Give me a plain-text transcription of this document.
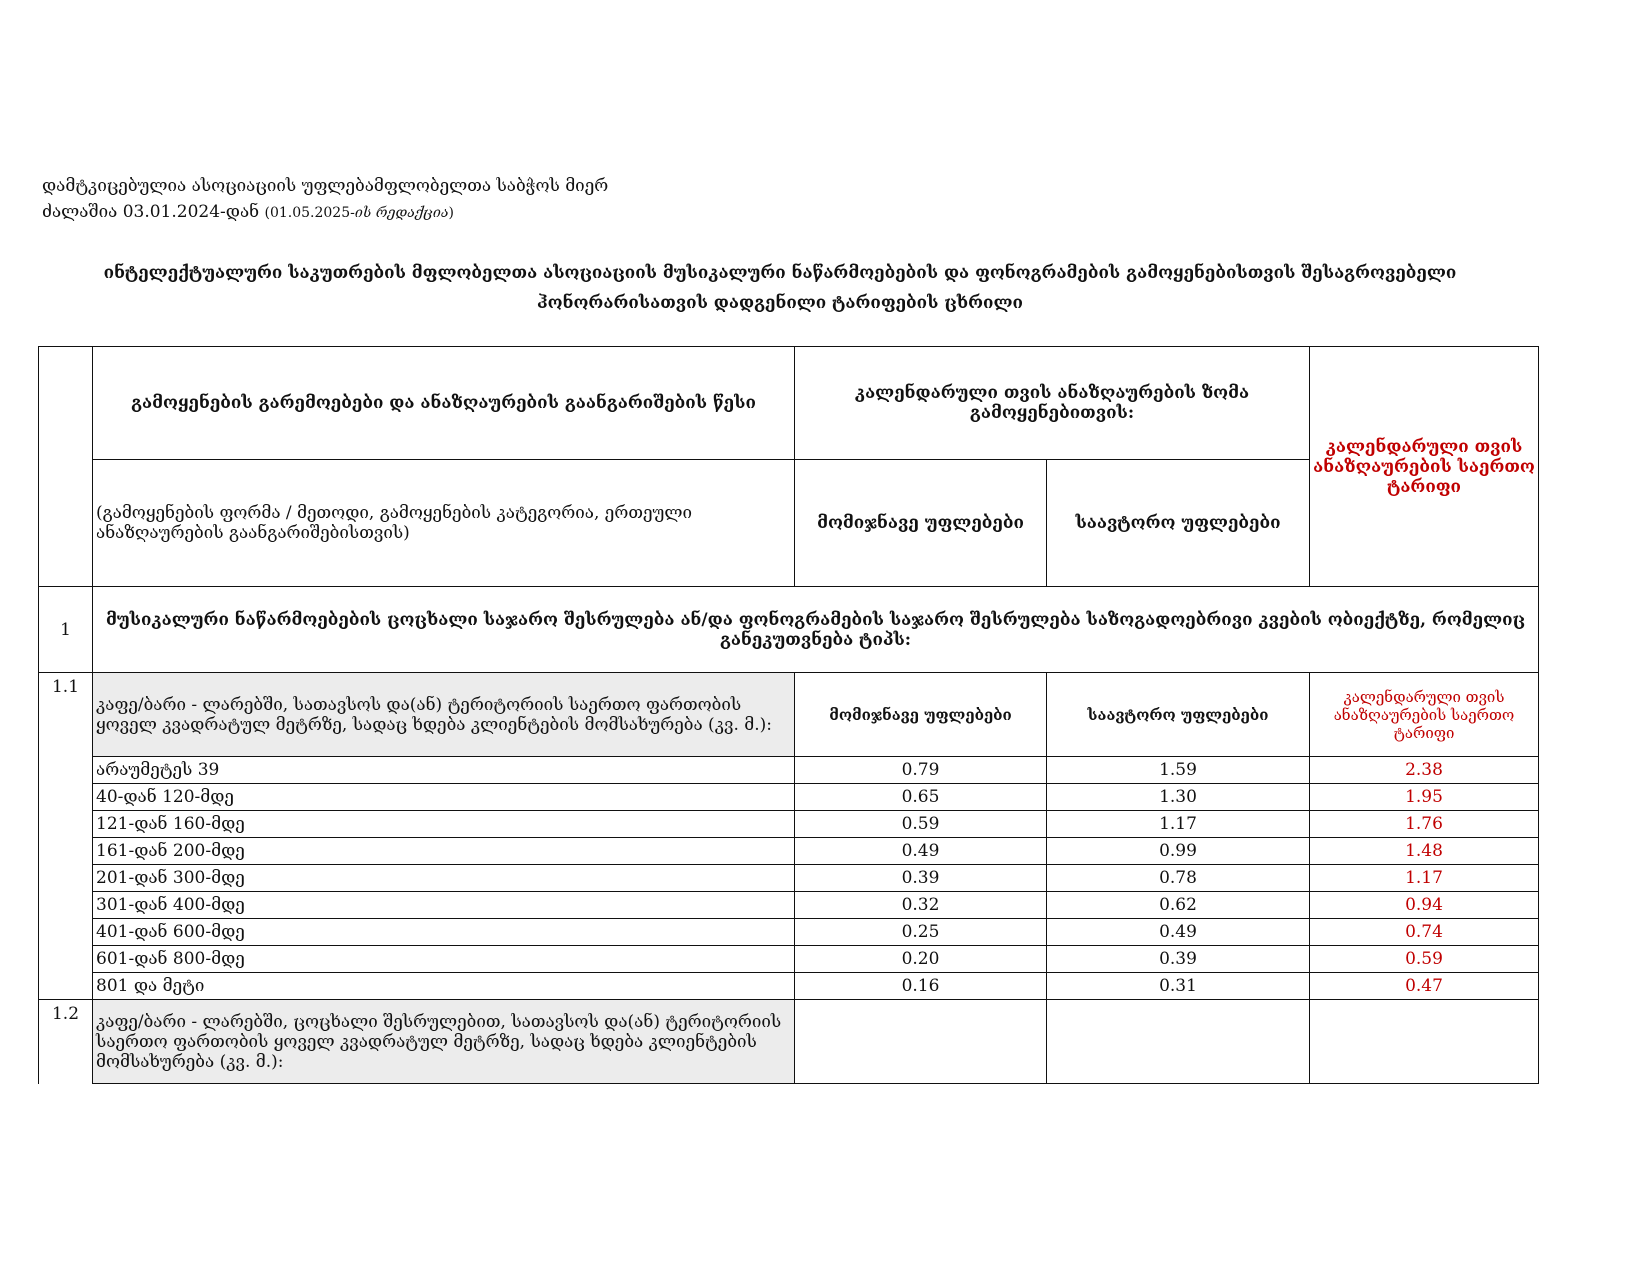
დამტკიცებულია ასოციაციის უფლებამფლობელთა საბჭოს მიერ
ძალაშია 03.01.2024-დან (01.05.2025-ის რედაქცია)
ინტელექტუალური საკუთრების მფლობელთა ასოციაციის მუსიკალური ნაწარმოებების და ფონოგრამების გამოყენებისთვის შესაგროვებელი
ჰონორარისათვის დადგენილი ტარიფების ცხრილი
	გამოყენების გარემოებები და ანაზღაურების გაანგარიშების წესი	კალენდარული თვის ანაზღაურების ზომა გამოყენებითვის:		კალენდარული თვის ანაზღაურების საერთო ტარიფი
	(გამოყენების ფორმა / მეთოდი, გამოყენების კატეგორია, ერთეული ანაზღაურების გაანგარიშებისთვის)	მომიჯნავე უფლებები	საავტორო უფლებები	
1	მუსიკალური ნაწარმოებების ცოცხალი საჯარო შესრულება ან/და ფონოგრამების საჯარო შესრულება საზოგადოებრივი კვების ობიექტზე, რომელიც განეკუთვნება ტიპს:			
1.1	კაფე/ბარი - ლარებში, სათავსოს და(ან) ტერიტორიის საერთო ფართობის ყოველ კვადრატულ მეტრზე, სადაც ხდება კლიენტების მომსახურება (კვ. მ.):	მომიჯნავე უფლებები	საავტორო უფლებები	კალენდარული თვის ანაზღაურების საერთო ტარიფი
	არაუმეტეს 39	0.79	1.59	2.38
	40-დან 120-მდე	0.65	1.30	1.95
	121-დან 160-მდე	0.59	1.17	1.76
	161-დან 200-მდე	0.49	0.99	1.48
	201-დან 300-მდე	0.39	0.78	1.17
	301-დან 400-მდე	0.32	0.62	0.94
	401-დან 600-მდე	0.25	0.49	0.74
	601-დან 800-მდე	0.20	0.39	0.59
	801 და მეტი	0.16	0.31	0.47
1.2	კაფე/ბარი - ლარებში, ცოცხალი შესრულებით, სათავსოს და(ან) ტერიტორიის საერთო ფართობის ყოველ კვადრატულ მეტრზე, სადაც ხდება კლიენტების მომსახურება (კვ. მ.):			
